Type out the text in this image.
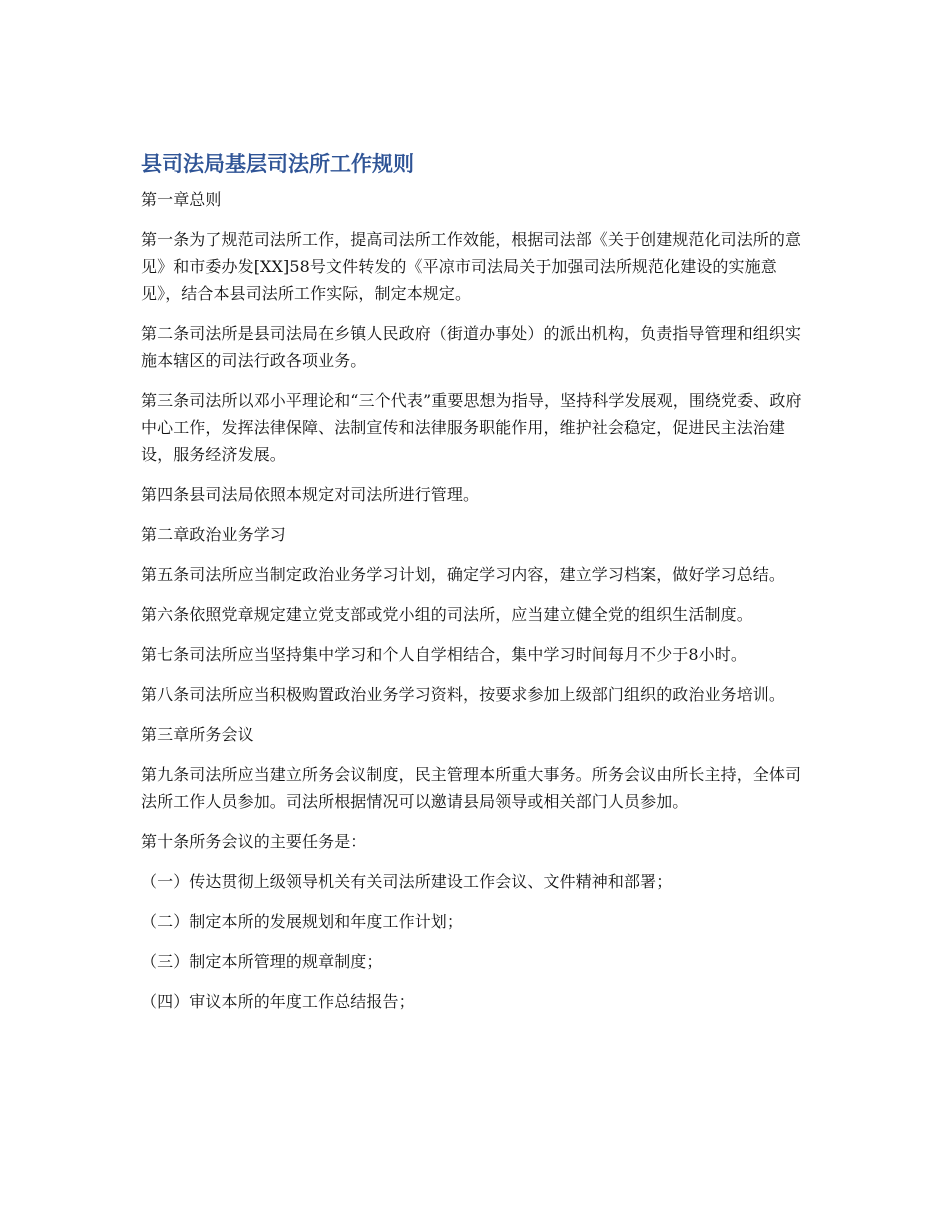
县司法局基层司法所工作规则
第一章总则
第一条为了规范司法所工作，提高司法所工作效能，根据司法部《关于创建规范化司法所的意见》和市委办发[XX]58号文件转发的《平凉市司法局关于加强司法所规范化建设的实施意见》，结合本县司法所工作实际，制定本规定。
第二条司法所是县司法局在乡镇人民政府（街道办事处）的派出机构，负责指导管理和组织实施本辖区的司法行政各项业务。
第三条司法所以邓小平理论和“三个代表”重要思想为指导，坚持科学发展观，围绕党委、政府中心工作，发挥法律保障、法制宣传和法律服务职能作用，维护社会稳定，促进民主法治建设，服务经济发展。
第四条县司法局依照本规定对司法所进行管理。
第二章政治业务学习
第五条司法所应当制定政治业务学习计划，确定学习内容，建立学习档案，做好学习总结。
第六条依照党章规定建立党支部或党小组的司法所，应当建立健全党的组织生活制度。
第七条司法所应当坚持集中学习和个人自学相结合，集中学习时间每月不少于8小时。
第八条司法所应当积极购置政治业务学习资料，按要求参加上级部门组织的政治业务培训。
第三章所务会议
第九条司法所应当建立所务会议制度，民主管理本所重大事务。所务会议由所长主持，全体司法所工作人员参加。司法所根据情况可以邀请县局领导或相关部门人员参加。
第十条所务会议的主要任务是：
（一）传达贯彻上级领导机关有关司法所建设工作会议、文件精神和部署；
（二）制定本所的发展规划和年度工作计划；
（三）制定本所管理的规章制度；
（四）审议本所的年度工作总结报告；
